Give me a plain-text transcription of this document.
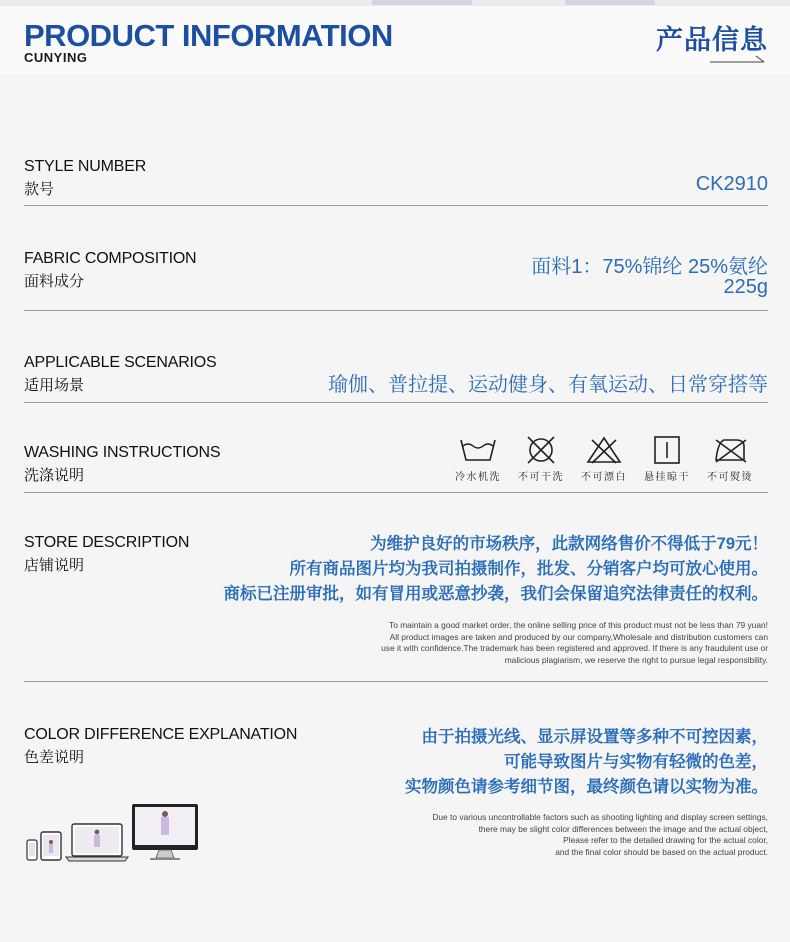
PRODUCT INFORMATION
CUNYING
产品信息
STYLE NUMBER
款号	CK2910
FABRIC COMPOSITION
面料成分
面料1：75%锦纶 25%氨纶
225g
APPLICABLE SCENARIOS
适用场景	瑜伽、普拉提、运动健身、有氧运动、日常穿搭等
WASHING INSTRUCTIONS
洗涤说明	冷水机洗	不可干洗	不可漂白	悬挂晾干	不可熨烫
STORE DESCRIPTION
店铺说明
为维护良好的市场秩序，此款网络售价不得低于79元！
所有商品图片均为我司拍摄制作，批发、分销客户均可放心使用。
商标已注册审批，如有冒用或恶意抄袭，我们会保留追究法律责任的权利。
To maintain a good market order, the online selling price of this product must not be less than 79 yuan!
All product images are taken and produced by our company,Wholesale and distribution customers can
use it with confidence.The trademark has been registered and approved. If there is any fraudulent use or
malicious plagiarism, we reserve the right to pursue legal responsibility.
COLOR DIFFERENCE EXPLANATION
色差说明
由于拍摄光线、显示屏设置等多种不可控因素，
可能导致图片与实物有轻微的色差，
实物颜色请参考细节图，最终颜色请以实物为准。
Due to various uncontrollable factors such as shooting lighting and display screen settings,
there may be slight color differences between the image and the actual object,
Please refer to the detailed drawing for the actual color,
and the final color should be based on the actual product.
